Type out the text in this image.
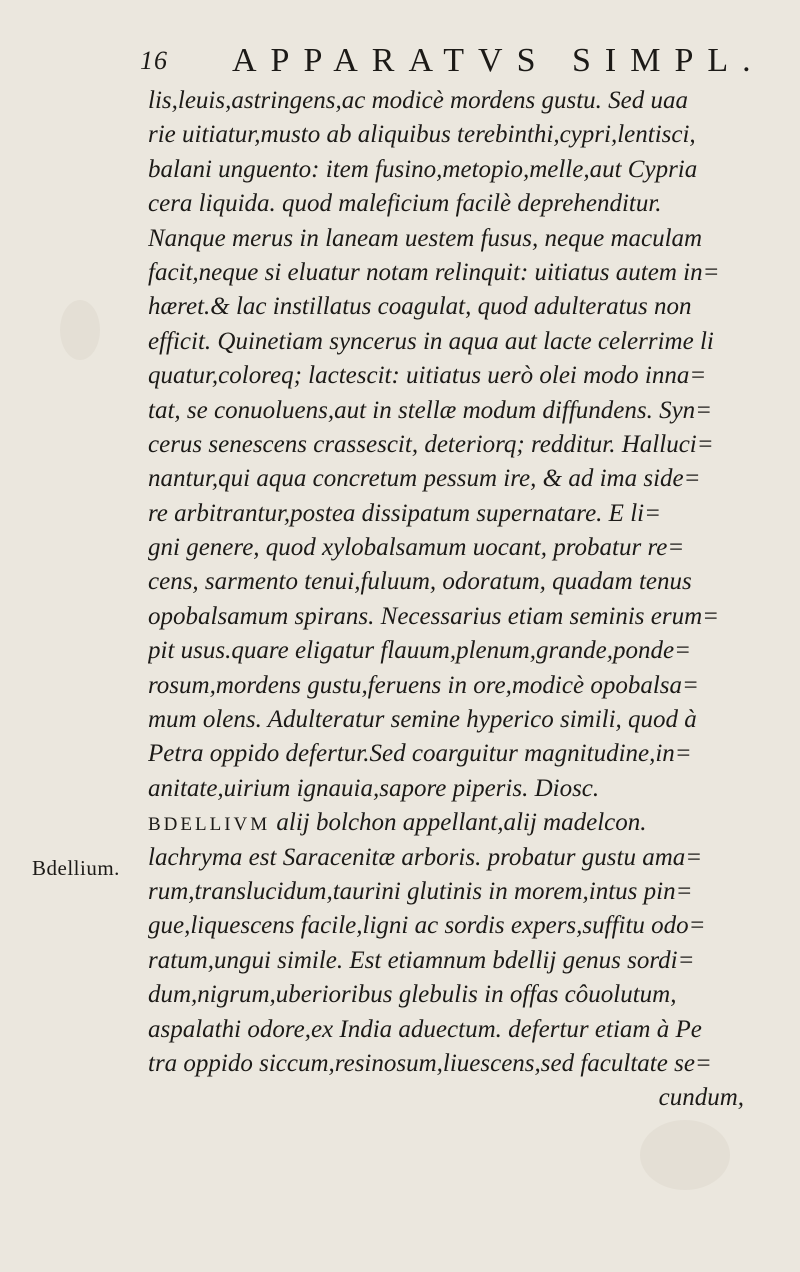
16 APPARATVS SIMPL.
Bdellium.
lis,leuis,astringens,ac modicè mordens gustu. Sed uaa
rie uitiatur,musto ab aliquibus terebinthi,cypri,lentisci,
balani unguento: item fusino,metopio,melle,aut Cypria
cera liquida. quod maleficium facilè deprehenditur.
Nanque merus in laneam uestem fusus, neque maculam
facit,neque si eluatur notam relinquit: uitiatus autem in=
hæret.& lac instillatus coagulat, quod adulteratus non
efficit. Quinetiam syncerus in aqua aut lacte celerrime li
quatur,coloreq; lactescit: uitiatus uerò olei modo inna=
tat, se conuoluens,aut in stellæ modum diffundens. Syn=
cerus senescens crassescit, deteriorq; redditur. Halluci=
nantur,qui aqua concretum pessum ire, & ad ima side=
re arbitrantur,postea dissipatum supernatare. E li=
gni genere, quod xylobalsamum uocant, probatur re=
cens, sarmento tenui,fuluum, odoratum, quadam tenus
opobalsamum spirans. Necessarius etiam seminis erum=
pit usus.quare eligatur flauum,plenum,grande,ponde=
rosum,mordens gustu,feruens in ore,modicè opobalsa=
mum olens. Adulteratur semine hyperico simili, quod à
Petra oppido defertur.Sed coarguitur magnitudine,in=
anitate,uirium ignauia,sapore piperis. Diosc.
BDELLIVM alij bolchon appellant,alij madelcon.
lachryma est Saracenitæ arboris. probatur gustu ama=
rum,translucidum,taurini glutinis in morem,intus pin=
gue,liquescens facile,ligni ac sordis expers,suffitu odo=
ratum,ungui simile. Est etiamnum bdellij genus sordi=
dum,nigrum,uberioribus glebulis in offas côuolutum,
aspalathi odore,ex India aduectum. defertur etiam à Pe
tra oppido siccum,resinosum,liuescens,sed facultate se=
cundum,
